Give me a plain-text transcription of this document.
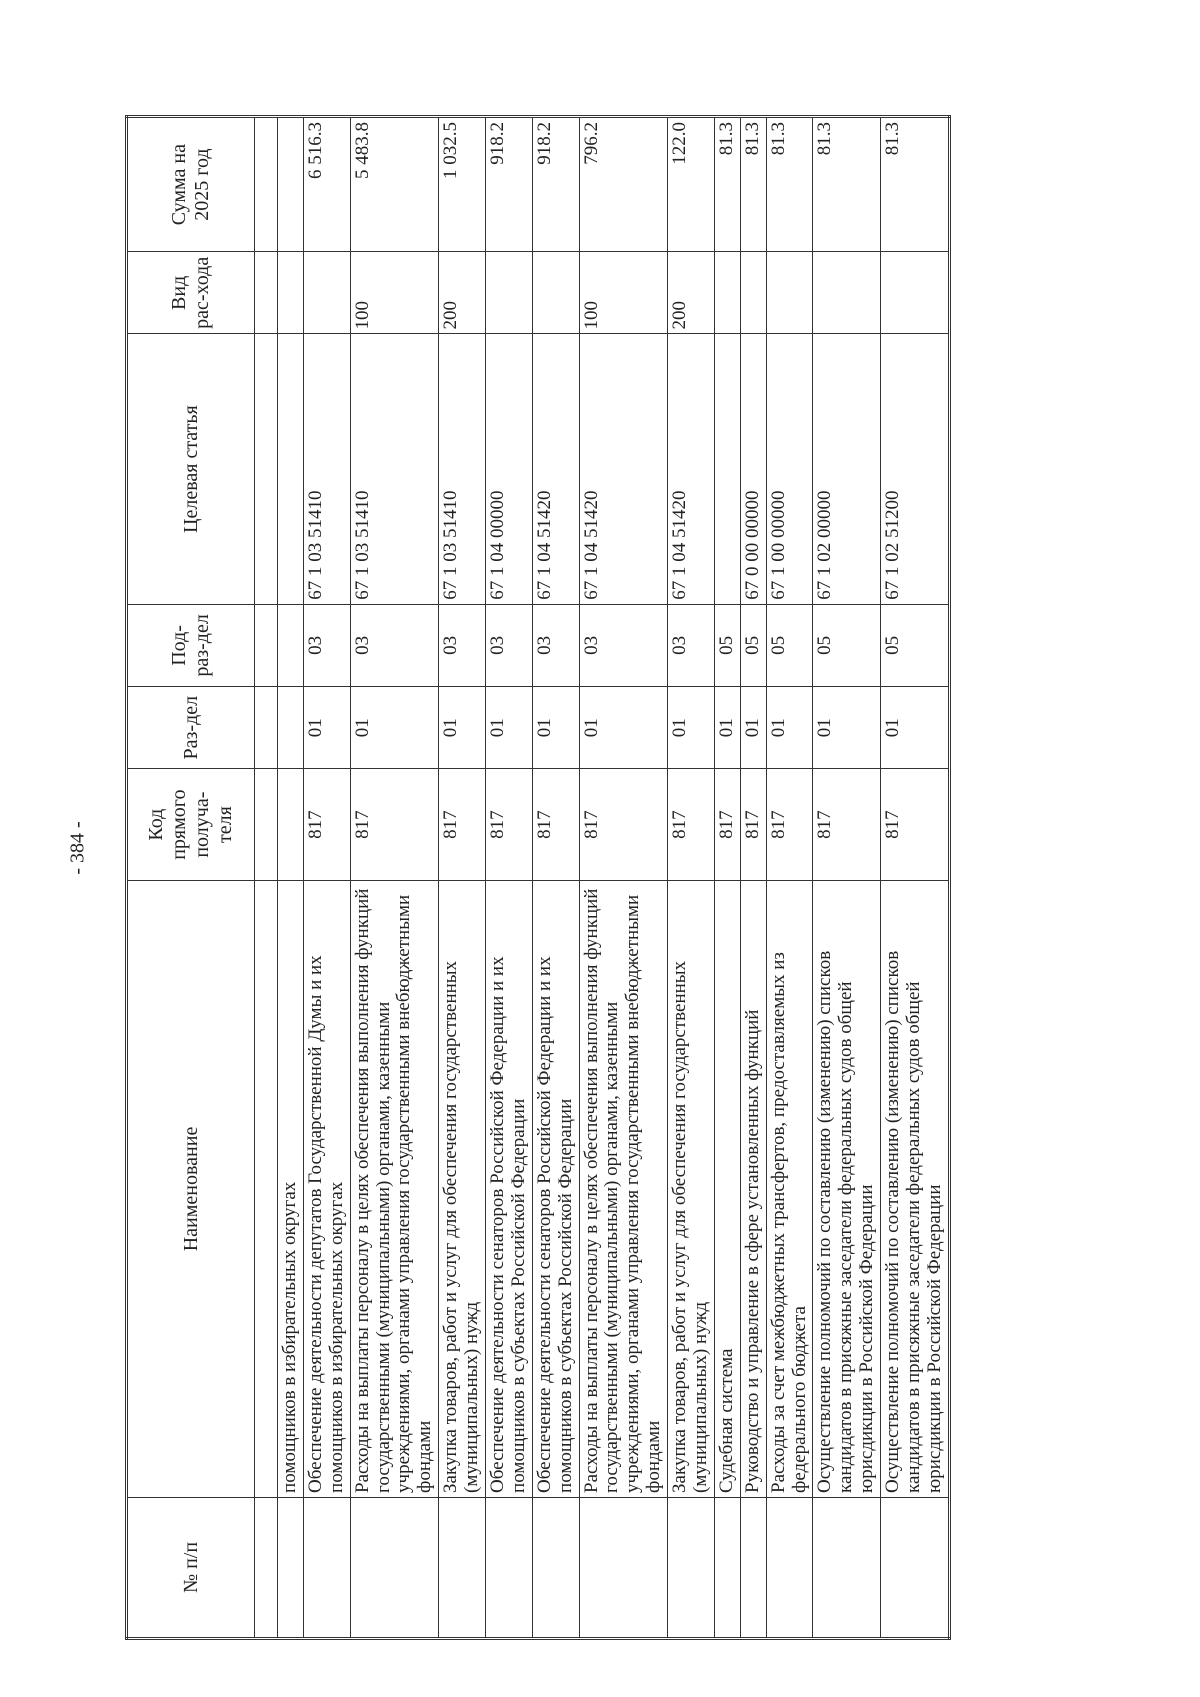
- 384 -
№ п/п	Наименование	Код прямого получа-теля	Раз-дел	Под-раз-дел	Целевая статья	Вид рас-хода	Сумма на 2025 год

	помощников в избирательных округах						
	Обеспечение деятельности депутатов Государственной Думы и их помощников в избирательных округах	817	01	03	67 1 03 51410		6 516.3
	Расходы на выплаты персоналу в целях обеспечения выполнения функций государственными (муниципальными) органами, казенными учреждениями, органами управления государственными внебюджетными фондами	817	01	03	67 1 03 51410	100	5 483.8
	Закупка товаров, работ и услуг для обеспечения государственных (муниципальных) нужд	817	01	03	67 1 03 51410	200	1 032.5
	Обеспечение деятельности сенаторов Российской Федерации и их помощников в субъектах Российской Федерации	817	01	03	67 1 04 00000		918.2
	Обеспечение деятельности сенаторов Российской Федерации и их помощников в субъектах Российской Федерации	817	01	03	67 1 04 51420		918.2
	Расходы на выплаты персоналу в целях обеспечения выполнения функций государственными (муниципальными) органами, казенными учреждениями, органами управления государственными внебюджетными фондами	817	01	03	67 1 04 51420	100	796.2
	Закупка товаров, работ и услуг для обеспечения государственных (муниципальных) нужд	817	01	03	67 1 04 51420	200	122.0
	Судебная система	817	01	05			81.3
	Руководство и управление в сфере установленных функций	817	01	05	67 0 00 00000		81.3
	Расходы за счет межбюджетных трансфертов, предоставляемых из федерального бюджета	817	01	05	67 1 00 00000		81.3
	Осуществление полномочий по составлению (изменению) списков кандидатов в присяжные заседатели федеральных судов общей юрисдикции в Российской Федерации	817	01	05	67 1 02 00000		81.3
	Осуществление полномочий по составлению (изменению) списков кандидатов в присяжные заседатели федеральных судов общей юрисдикции в Российской Федерации	817	01	05	67 1 02 51200		81.3
